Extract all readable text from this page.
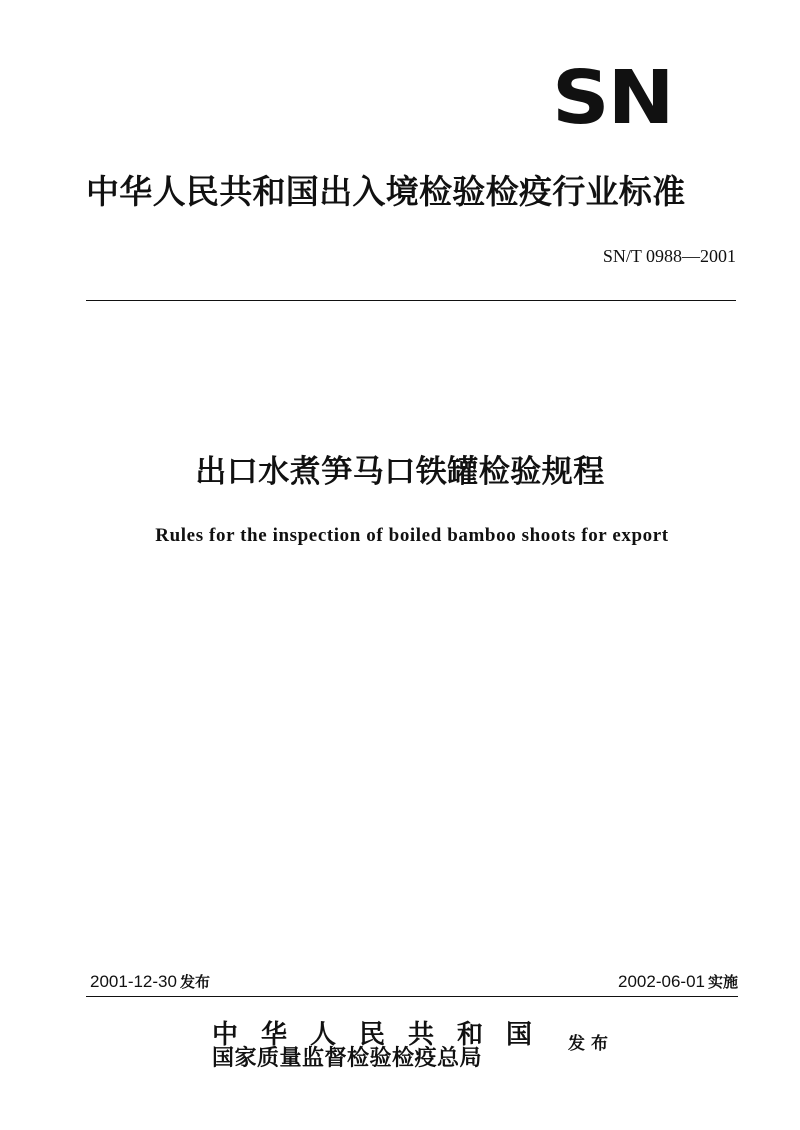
SN
中华人民共和国出入境检验检疫行业标准
SN/T 0988—2001
出口水煮笋马口铁罐检验规程
Rules for the inspection of boiled bamboo shoots for export
2001-12-30 发布	2002-06-01 实施
中华人民共和国
国家质量监督检验检疫总局
发布
